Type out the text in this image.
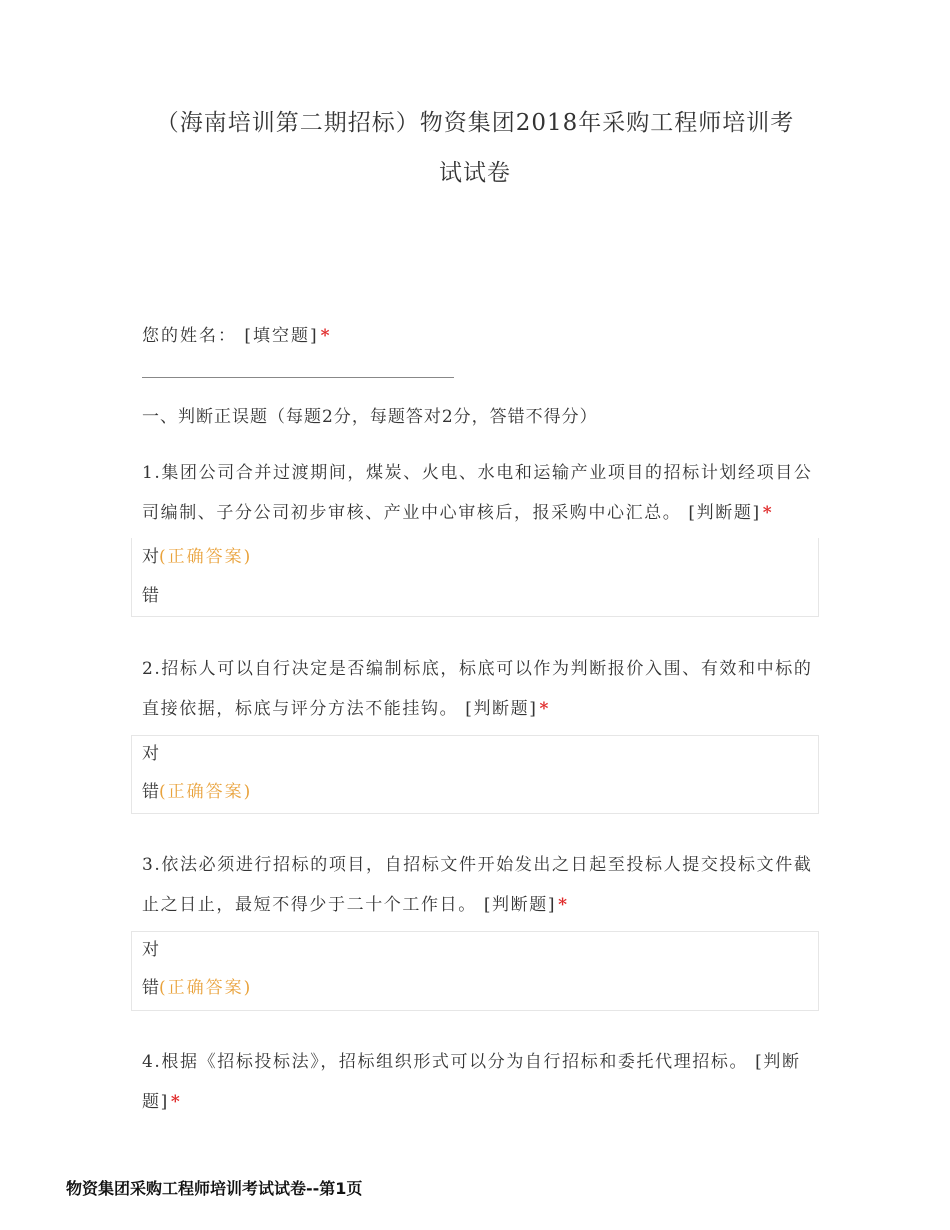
（海南培训第二期招标）物资集团2018年采购工程师培训考
试试卷
您的姓名： [填空题] *
一、判断正误题（每题2分，每题答对2分，答错不得分）
1.集团公司合并过渡期间，煤炭、火电、水电和运输产业项目的招标计划经项目公
司编制、子分公司初步审核、产业中心审核后，报采购中心汇总。 [判断题] *
对(正确答案)
错
2.招标人可以自行决定是否编制标底，标底可以作为判断报价入围、有效和中标的
直接依据，标底与评分方法不能挂钩。 [判断题] *
对
错(正确答案)
3.依法必须进行招标的项目，自招标文件开始发出之日起至投标人提交投标文件截
止之日止，最短不得少于二十个工作日。 [判断题] *
对
错(正确答案)
4.根据《招标投标法》，招标组织形式可以分为自行招标和委托代理招标。 [判断
题] *
物资集团采购工程师培训考试试卷--第1页
